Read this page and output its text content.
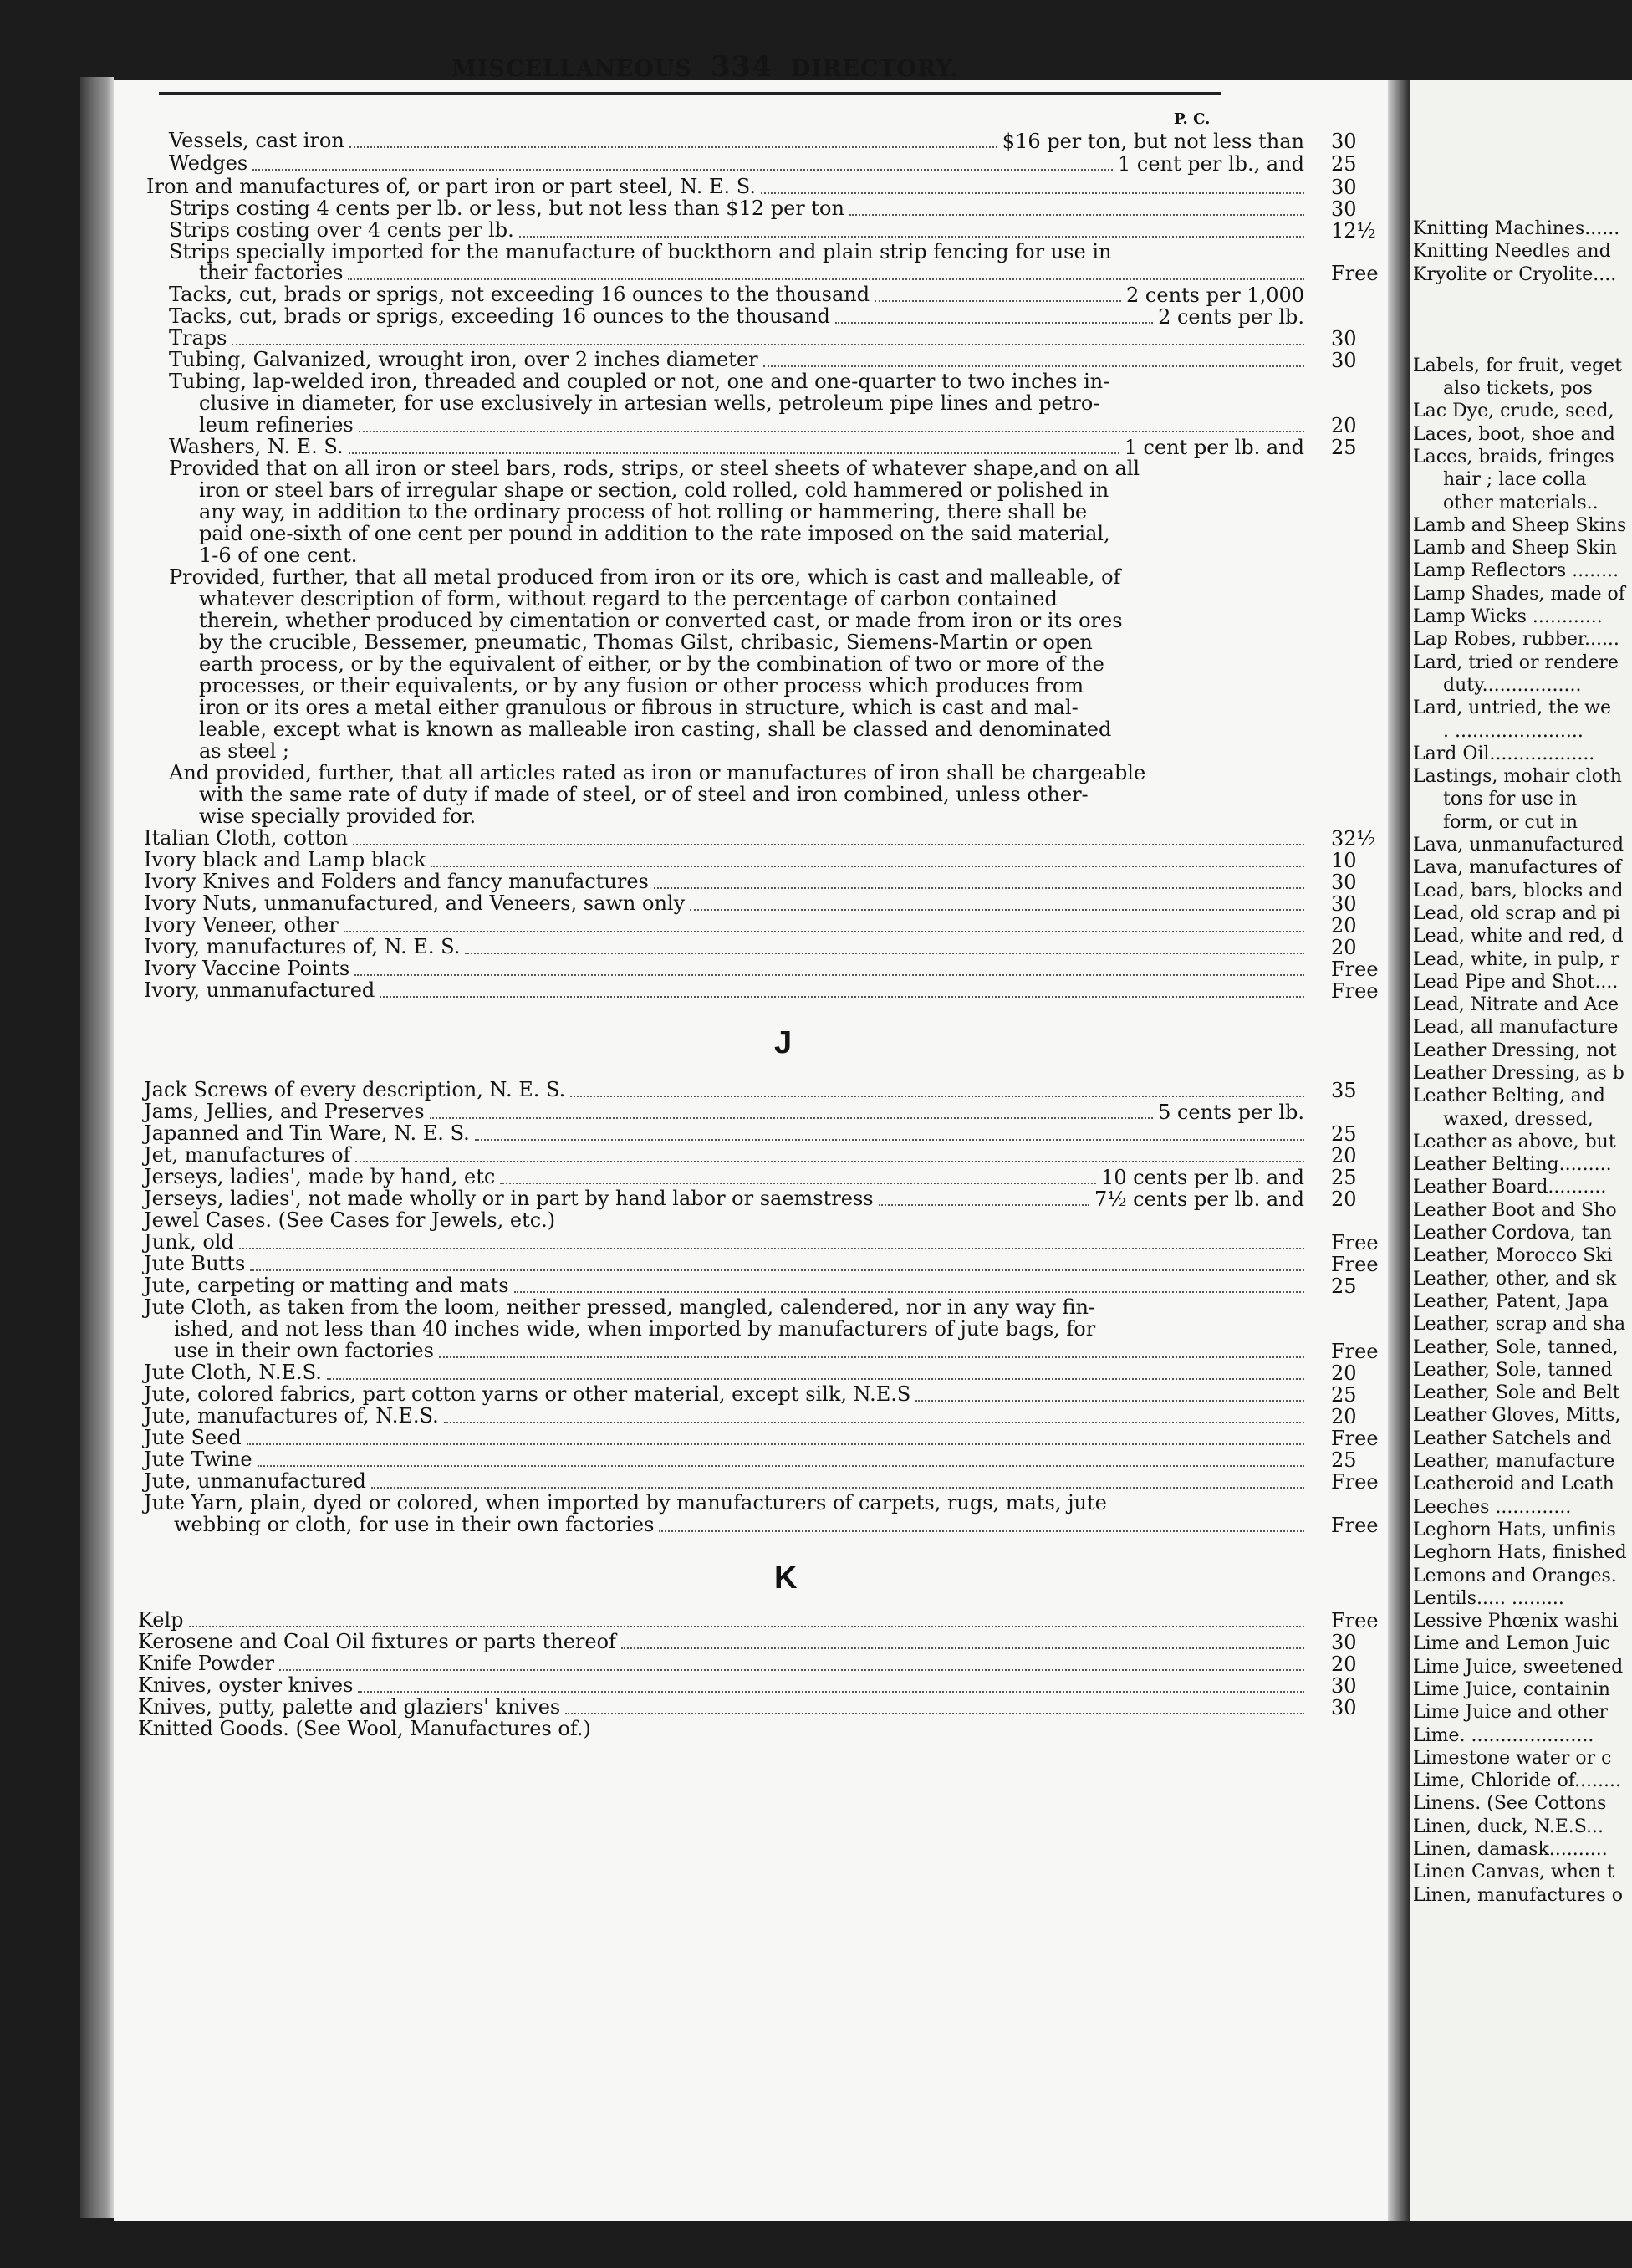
Knitting Machines......
Knitting Needles and
Kryolite or Cryolite....

Labels, for fruit, veget
also tickets, pos
Lac Dye, crude, seed,
Laces, boot, shoe and
Laces, braids, fringes
hair ; lace colla
other materials..
Lamb and Sheep Skins
Lamb and Sheep Skin
Lamp Reflectors ........
Lamp Shades, made of
Lamp Wicks ............
Lap Robes, rubber......
Lard, tried or rendere
duty.................
Lard, untried, the we
. ......................
Lard Oil..................
Lastings, mohair cloth
tons for use in
form, or cut in
Lava, unmanufactured
Lava, manufactures of
Lead, bars, blocks and
Lead, old scrap and pi
Lead, white and red, d
Lead, white, in pulp, r
Lead Pipe and Shot....
Lead, Nitrate and Ace
Lead, all manufacture
Leather Dressing, not
Leather Dressing, as b
Leather Belting, and
waxed, dressed,
Leather as above, but
Leather Belting.........
Leather Board..........
Leather Boot and Sho
Leather Cordova, tan
Leather, Morocco Ski
Leather, other, and sk
Leather, Patent, Japa
Leather, scrap and sha
Leather, Sole, tanned,
Leather, Sole, tanned
Leather, Sole and Belt
Leather Gloves, Mitts,
Leather Satchels and
Leather, manufacture
Leatheroid and Leath
Leeches .............
Leghorn Hats, unfinis
Leghorn Hats, finished
Lemons and Oranges.
Lentils..... .........
Lessive Phœnix washi
Lime and Lemon Juic
Lime Juice, sweetened
Lime Juice, containin
Lime Juice and other
Lime. .....................
Limestone water or c
Lime, Chloride of........
Linens. (See Cottons
Linen, duck, N.E.S...
Linen, damask..........
Linen Canvas, when t
Linen, manufactures o
MISCELLANEOUS 334 DIRECTORY.
P. C.
Vessels, cast iron
Wedges
Iron and manufactures of, or part iron or part steel, N. E. S.
Strips costing 4 cents per lb. or less, but not less than $12 per ton
Strips costing over 4 cents per lb.
Strips specially imported for the manufacture of buckthorn and plain strip fencing for use in
their factories
Tacks, cut, brads or sprigs, not exceeding 16 ounces to the thousand
Tacks, cut, brads or sprigs, exceeding 16 ounces to the thousand
Traps
Tubing, Galvanized, wrought iron, over 2 inches diameter
Tubing, lap-welded iron, threaded and coupled or not, one and one-quarter to two inches in-
clusive in diameter, for use exclusively in artesian wells, petroleum pipe lines and petro-
leum refineries
Washers, N. E. S.
Provided that on all iron or steel bars, rods, strips, or steel sheets of whatever shape,and on all
iron or steel bars of irregular shape or section, cold rolled, cold hammered or polished in
any way, in addition to the ordinary process of hot rolling or hammering, there shall be
paid one-sixth of one cent per pound in addition to the rate imposed on the said material,
1-6 of one cent.
Provided, further, that all metal produced from iron or its ore, which is cast and malleable, of
whatever description of form, without regard to the percentage of carbon contained
therein, whether produced by cimentation or converted cast, or made from iron or its ores
by the crucible, Bessemer, pneumatic, Thomas Gilst, chribasic, Siemens-Martin or open
earth process, or by the equivalent of either, or by the combination of two or more of the
processes, or their equivalents, or by any fusion or other process which produces from
iron or its ores a metal either granulous or fibrous in structure, which is cast and mal-
leable, except what is known as malleable iron casting, shall be classed and denominated
as steel ;
And provided, further, that all articles rated as iron or manufactures of iron shall be chargeable
with the same rate of duty if made of steel, or of steel and iron combined, unless other-
wise specially provided for.
Italian Cloth, cotton
Ivory black and Lamp black
Ivory Knives and Folders and fancy manufactures
Ivory Nuts, unmanufactured, and Veneers, sawn only
Ivory Veneer, other
Ivory, manufactures of, N. E. S.
Ivory Vaccine Points
Ivory, unmanufactured
Jack Screws of every description, N. E. S.
Jams, Jellies, and Preserves
Japanned and Tin Ware, N. E. S.
Jet, manufactures of
Jerseys, ladies', made by hand, etc
Jerseys, ladies', not made wholly or in part by hand labor or saemstress
Jewel Cases. (See Cases for Jewels, etc.)
Junk, old
Jute Butts
Jute, carpeting or matting and mats
Jute Cloth, as taken from the loom, neither pressed, mangled, calendered, nor in any way fin-
ished, and not less than 40 inches wide, when imported by manufacturers of jute bags, for
use in their own factories
Jute Cloth, N.E.S.
Jute, colored fabrics, part cotton yarns or other material, except silk, N.E.S
Jute, manufactures of, N.E.S.
Jute Seed
Jute Twine
Jute, unmanufactured
Jute Yarn, plain, dyed or colored, when imported by manufacturers of carpets, rugs, mats, jute
webbing or cloth, for use in their own factories
Kelp
Kerosene and Coal Oil fixtures or parts thereof
Knife Powder
Knives, oyster knives
Knives, putty, palette and glaziers' knives
Knitted Goods. (See Wool, Manufactures of.)
J
K
$16 per ton, but not less than 30
1 cent per lb., and 25
30
30
12½
Free
2 cents per 1,000
2 cents per lb.
30
30
20
1 cent per lb. and 25
32½
10
30
30
20
20
Free
Free
35
5 cents per lb.
25
20
10 cents per lb. and 25
7½ cents per lb. and 20
Free
Free
25
Free
20
25
20
Free
25
Free
Free
Free
30
20
30
30
